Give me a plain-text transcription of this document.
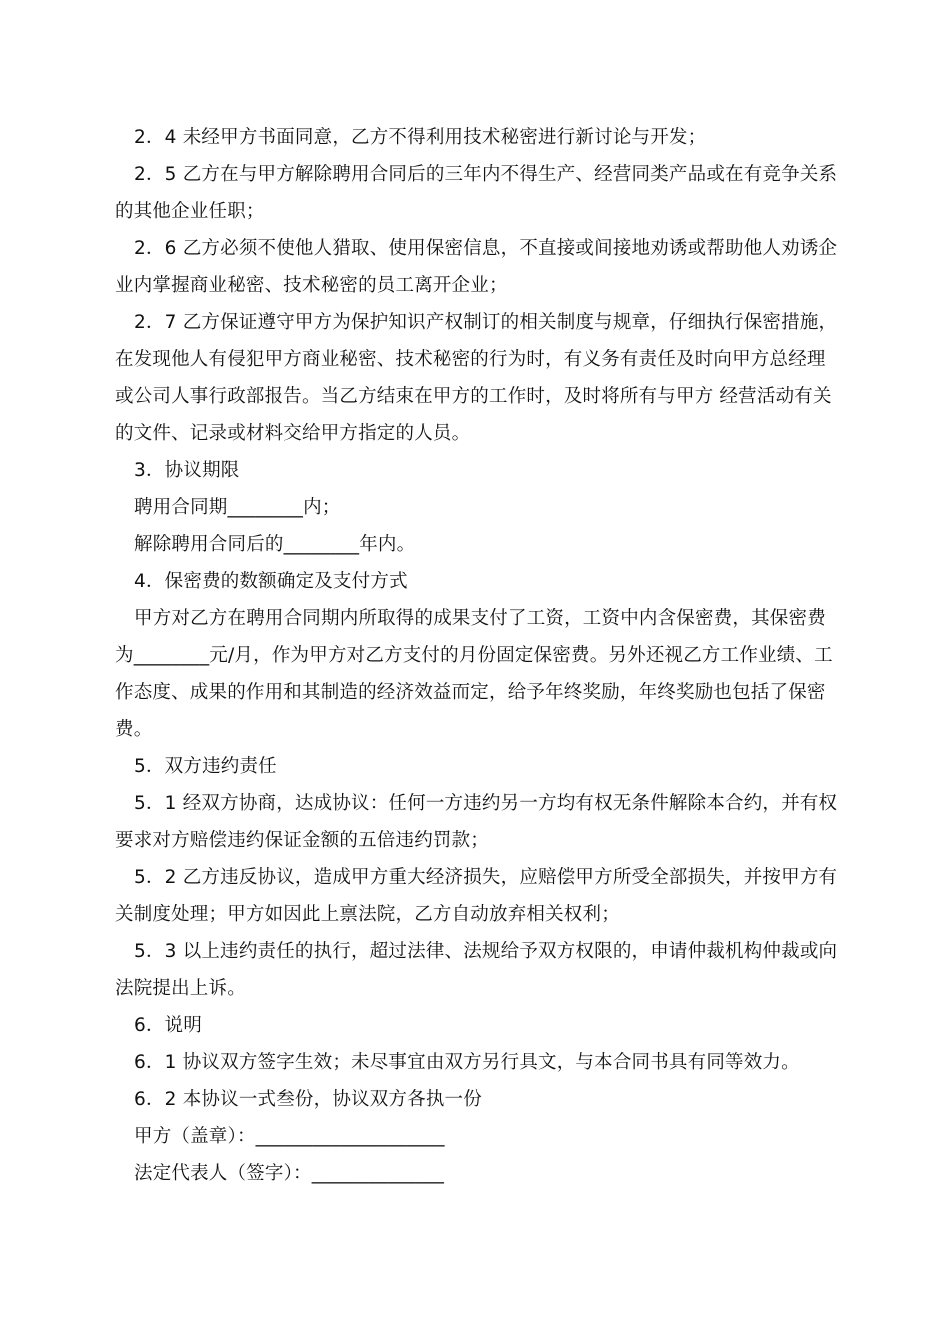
2．4 未经甲方书面同意，乙方不得利用技术秘密进行新讨论与开发；

2．5 乙方在与甲方解除聘用合同后的三年内不得生产、经营同类产品或在有竞争关系的其他企业任职；

2．6 乙方必须不使他人猎取、使用保密信息，不直接或间接地劝诱或帮助他人劝诱企业内掌握商业秘密、技术秘密的员工离开企业；

2．7 乙方保证遵守甲方为保护知识产权制订的相关制度与规章，仔细执行保密措施，在发现他人有侵犯甲方商业秘密、技术秘密的行为时，有义务有责任及时向甲方总经理或公司人事行政部报告。当乙方结束在甲方的工作时，及时将所有与甲方 经营活动有关的文件、记录或材料交给甲方指定的人员。

3．协议期限

聘用合同期________内；

解除聘用合同后的________年内。

4．保密费的数额确定及支付方式

甲方对乙方在聘用合同期内所取得的成果支付了工资，工资中内含保密费，其保密费为________元/月，作为甲方对乙方支付的月份固定保密费。另外还视乙方工作业绩、工作态度、成果的作用和其制造的经济效益而定，给予年终奖励，年终奖励也包括了保密费。

5．双方违约责任

5．1 经双方协商，达成协议：任何一方违约另一方均有权无条件解除本合约，并有权要求对方赔偿违约保证金额的五倍违约罚款；

5．2 乙方违反协议，造成甲方重大经济损失，应赔偿甲方所受全部损失，并按甲方有关制度处理；甲方如因此上禀法院，乙方自动放弃相关权利；

5．3 以上违约责任的执行，超过法律、法规给予双方权限的，申请仲裁机构仲裁或向法院提出上诉。

6．说明

6．1 协议双方签字生效；未尽事宜由双方另行具文，与本合同书具有同等效力。

6．2 本协议一式叁份，协议双方各执一份

甲方（盖章）：____________________

法定代表人（签字）：______________
